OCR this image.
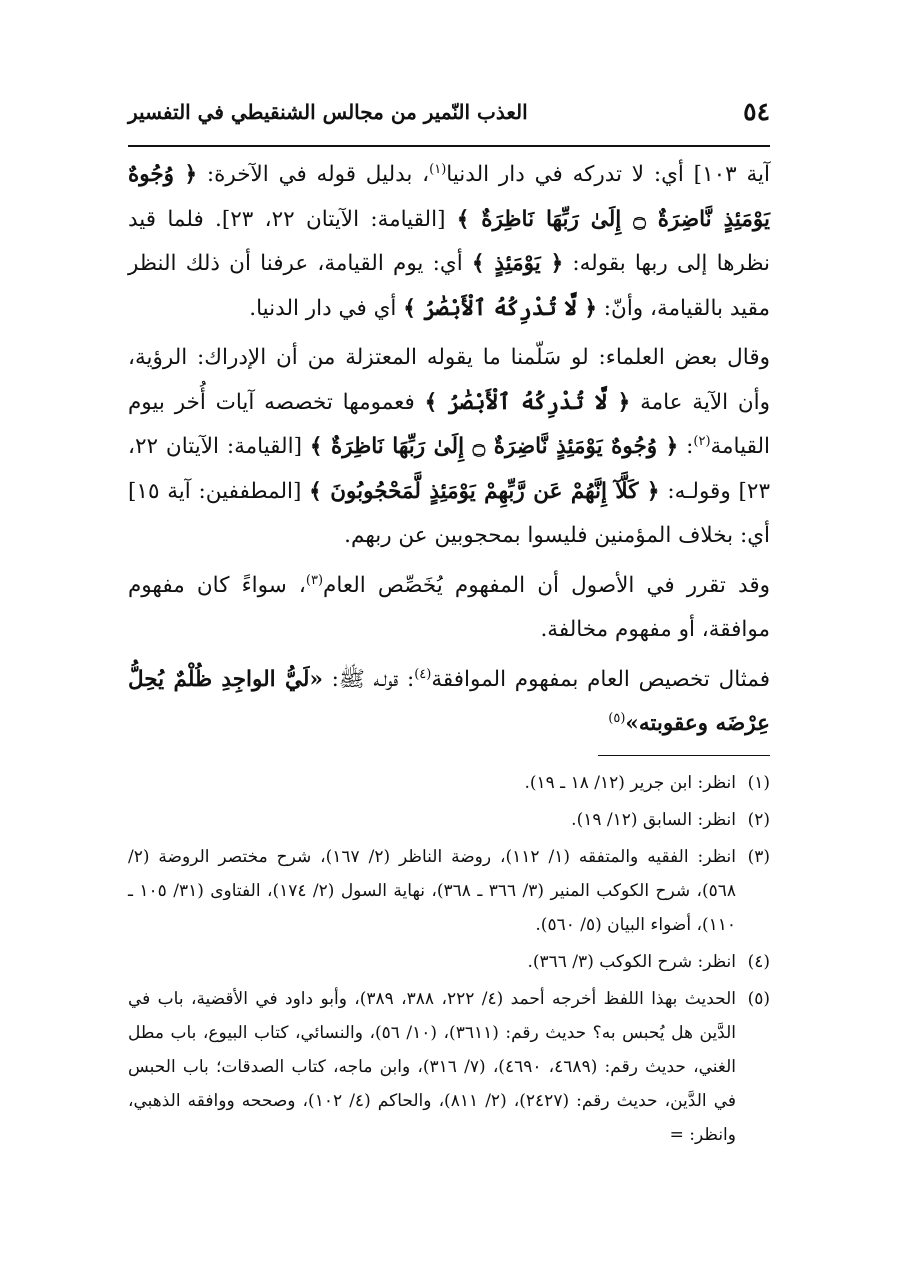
٥٤
العذب النّمير من مجالس الشنقيطي في التفسير

آية ١٠٣] أي: لا تدركه في دار الدنيا$^{(١)}$، بدليل قوله في الآخرة: ﴿ وُجُوهٌ يَوْمَئِذٍ نَّاضِرَةٌ ۝ إِلَىٰ رَبِّهَا نَاظِرَةٌ ﴾ [القيامة: الآيتان ٢٢، ٢٣]. فلما قيد نظرها إلى ربها بقوله: ﴿ يَوْمَئِذٍ ﴾ أي: يوم القيامة، عرفنا أن ذلك النظر مقيد بالقيامة، وأنّ: ﴿ لَّا تُدْرِكُهُ ٱلْأَبْصَٰرُ ﴾ أي في دار الدنيا.

وقال بعض العلماء: لو سَلّمنا ما يقوله المعتزلة من أن الإدراك: الرؤية، وأن الآية عامة ﴿ لَّا تُدْرِكُهُ ٱلْأَبْصَٰرُ ﴾ فعمومها تخصصه آيات أُخر بيوم القيامة$^{(٢)}$: ﴿ وُجُوهٌ يَوْمَئِذٍ نَّاضِرَةٌ ۝ إِلَىٰ رَبِّهَا نَاظِرَةٌ ﴾ [القيامة: الآيتان ٢٢، ٢٣] وقولـه: ﴿ كَلَّآ إِنَّهُمْ عَن رَّبِّهِمْ يَوْمَئِذٍ لَّمَحْجُوبُونَ ﴾ [المطففين: آية ١٥] أي: بخلاف المؤمنين فليسوا بمحجوبين عن ربهم.

وقد تقرر في الأصول أن المفهوم يُخَصِّص العام$^{(٣)}$، سواءً كان مفهوم موافقة، أو مفهوم مخالفة.

فمثال تخصيص العام بمفهوم الموافقة$^{(٤)}$: قولـه ﷺ: «لَيُّ الواجِدِ ظُلْمٌ يُحِلُّ عِرْضَه وعقوبته»$^{(٥)}$

(١)
انظر: ابن جرير (١٢/ ١٨ ـ ١٩).

(٢)
انظر: السابق (١٢/ ١٩).

(٣)
انظر: الفقيه والمتفقه (١/ ١١٢)، روضة الناظر (٢/ ١٦٧)، شرح مختصر الروضة (٢/ ٥٦٨)، شرح الكوكب المنير (٣/ ٣٦٦ ـ ٣٦٨)، نهاية السول (٢/ ١٧٤)، الفتاوى (٣١/ ١٠٥ ـ ١١٠)، أضواء البيان (٥/ ٥٦٠).

(٤)
انظر: شرح الكوكب (٣/ ٣٦٦).

(٥)
الحديث بهذا اللفظ أخرجه أحمد (٤/ ٢٢٢، ٣٨٨، ٣٨٩)، وأبو داود في الأقضية، باب في الدَّين هل يُحبس به؟ حديث رقم: (٣٦١١)، (١٠/ ٥٦)، والنسائي، كتاب البيوع، باب مطل الغني، حديث رقم: (٤٦٨٩، ٤٦٩٠)، (٧/ ٣١٦)، وابن ماجه، كتاب الصدقات؛ باب الحبس في الدَّين، حديث رقم: (٢٤٢٧)، (٢/ ٨١١)، والحاكم (٤/ ١٠٢)، وصححه ووافقه الذهبي، وانظر: =
